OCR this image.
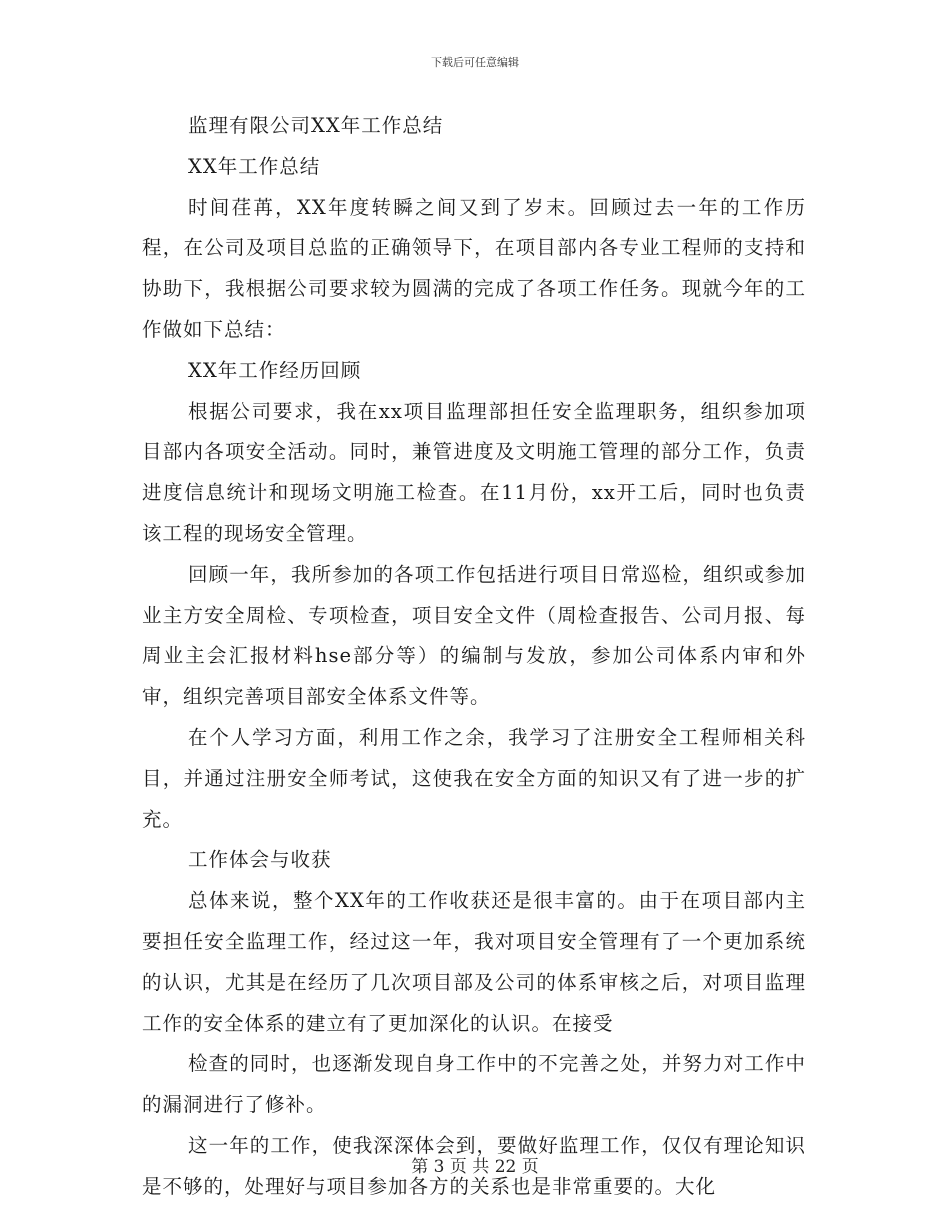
下载后可任意编辑

监理有限公司XX年工作总结

XX年工作总结

时间荏苒，XX年度转瞬之间又到了岁末。回顾过去一年的工作历程，在公司及项目总监的正确领导下，在项目部内各专业工程师的支持和协助下，我根据公司要求较为圆满的完成了各项工作任务。现就今年的工作做如下总结：

XX年工作经历回顾

根据公司要求，我在xx项目监理部担任安全监理职务，组织参加项目部内各项安全活动。同时，兼管进度及文明施工管理的部分工作，负责进度信息统计和现场文明施工检查。在11月份，xx开工后，同时也负责该工程的现场安全管理。

回顾一年，我所参加的各项工作包括进行项目日常巡检，组织或参加业主方安全周检、专项检查，项目安全文件（周检查报告、公司月报、每周业主会汇报材料hse部分等）的编制与发放，参加公司体系内审和外审，组织完善项目部安全体系文件等。

在个人学习方面，利用工作之余，我学习了注册安全工程师相关科目，并通过注册安全师考试，这使我在安全方面的知识又有了进一步的扩充。

工作体会与收获

总体来说，整个XX年的工作收获还是很丰富的。由于在项目部内主要担任安全监理工作，经过这一年，我对项目安全管理有了一个更加系统的认识，尤其是在经历了几次项目部及公司的体系审核之后，对项目监理工作的安全体系的建立有了更加深化的认识。在接受

检查的同时，也逐渐发现自身工作中的不完善之处，并努力对工作中的漏洞进行了修补。

这一年的工作，使我深深体会到，要做好监理工作，仅仅有理论知识是不够的，处理好与项目参加各方的关系也是非常重要的。大化

第 3 页 共 22 页
